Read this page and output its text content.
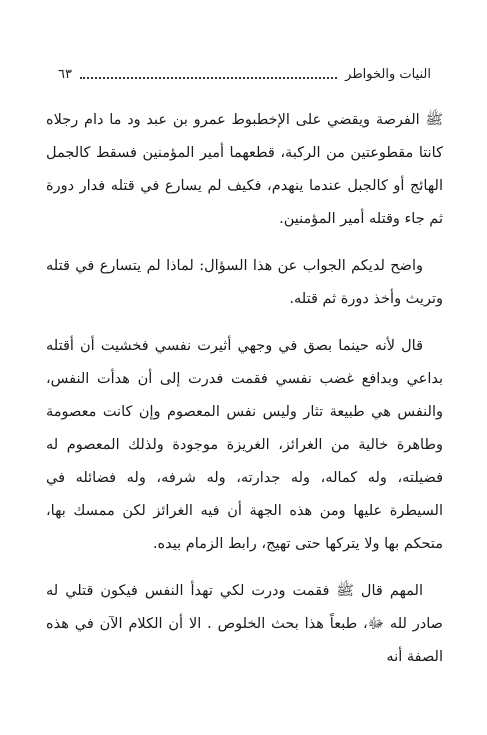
النيات والخواطر
٦٣

ﷺ الفرصة ويقضي على الإخطبوط عمرو بن عبد ود ما دام رجلاه كانتا مقطوعتين من الركبة، قطعهما أمير المؤمنين فسقط كالجمل الهائج أو كالجبل عندما ينهدم، فكيف لم يسارع في قتله فدار دورة ثم جاء وقتله أمير المؤمنين.

واضح لديكم الجواب عن هذا السؤال: لماذا لم يتسارع في قتله وتريث وأخذ دورة ثم قتله.

قال لأنه حينما بصق في وجهي أثيرت نفسي فخشيت أن أقتله بداعي وبدافع غضب نفسي فقمت فدرت إلى أن هدأت النفس، والنفس هي طبيعة تثار وليس نفس المعصوم وإن كانت معصومة وطاهرة خالية من الغرائز، الغريزة موجودة ولذلك المعصوم له فضيلته، وله كماله، وله جدارته، وله شرفه، وله فضائله في السيطرة عليها ومن هذه الجهة أن فيه الغرائز لكن ممسك بها، متحكم بها ولا يتركها حتى تهيج، رابط الزمام بيده.

المهم قال ﷺ فقمت ودرت لكي تهدأ النفس فيكون قتلي له صادر لله ﷻ، طبعاً هذا بحث الخلوص . الا أن الكلام الآن في هذه الصفة أنه
